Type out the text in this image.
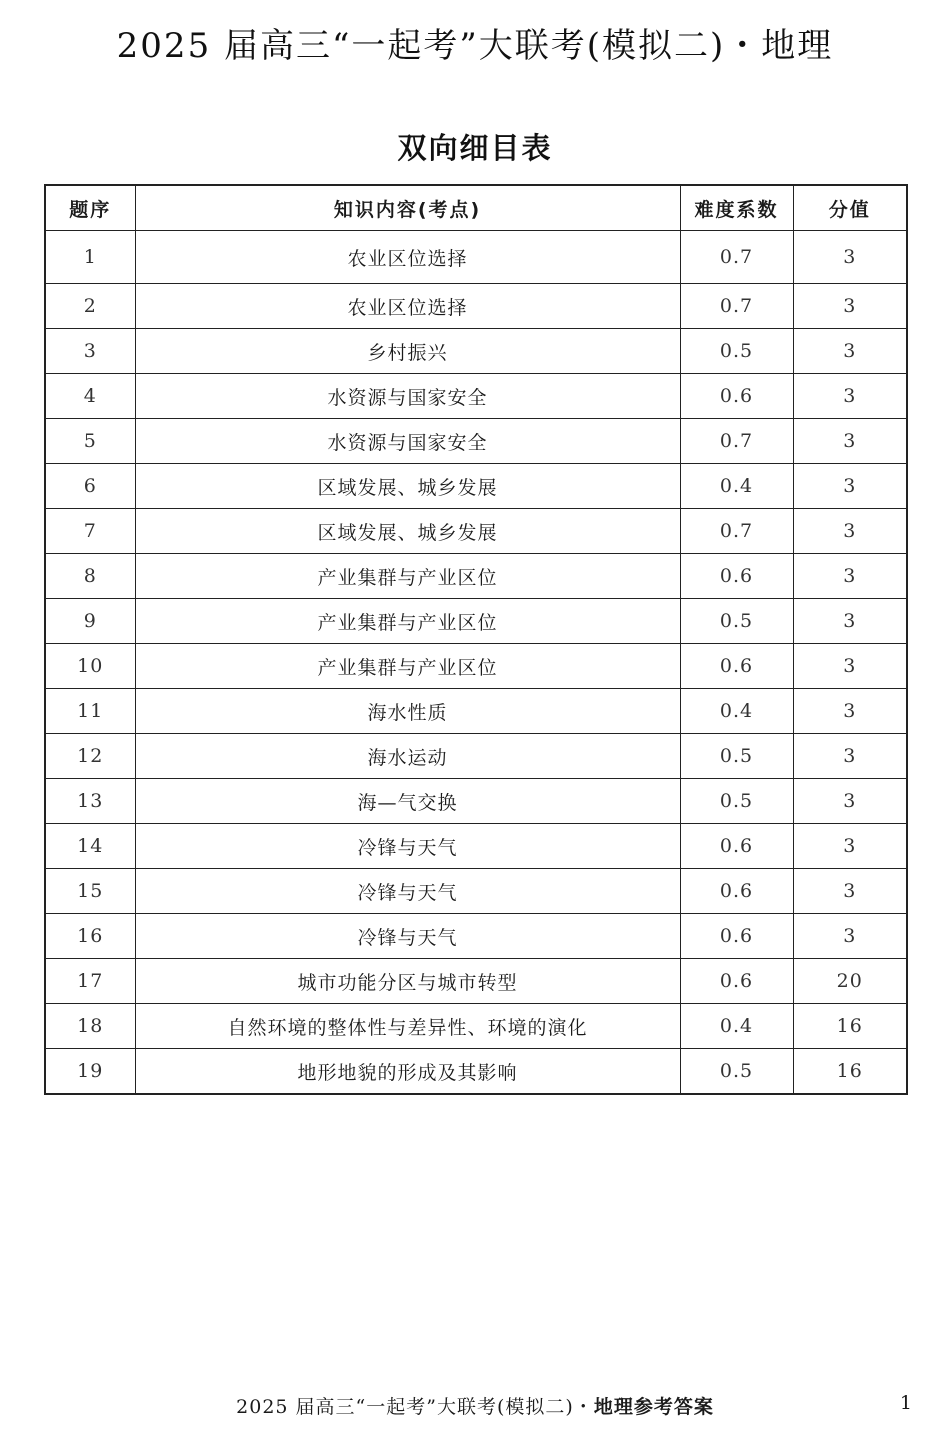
2025 届高三“一起考”大联考(模拟二)・地理
双向细目表
题序	知识内容(考点)	难度系数	分值
1	农业区位选择	0.7	3
2	农业区位选择	0.7	3
3	乡村振兴	0.5	3
4	水资源与国家安全	0.6	3
5	水资源与国家安全	0.7	3
6	区域发展、城乡发展	0.4	3
7	区域发展、城乡发展	0.7	3
8	产业集群与产业区位	0.6	3
9	产业集群与产业区位	0.5	3
10	产业集群与产业区位	0.6	3
11	海水性质	0.4	3
12	海水运动	0.5	3
13	海—气交换	0.5	3
14	冷锋与天气	0.6	3
15	冷锋与天气	0.6	3
16	冷锋与天气	0.6	3
17	城市功能分区与城市转型	0.6	20
18	自然环境的整体性与差异性、环境的演化	0.4	16
19	地形地貌的形成及其影响	0.5	16
2025 届高三“一起考”大联考(模拟二)・地理参考答案	1
